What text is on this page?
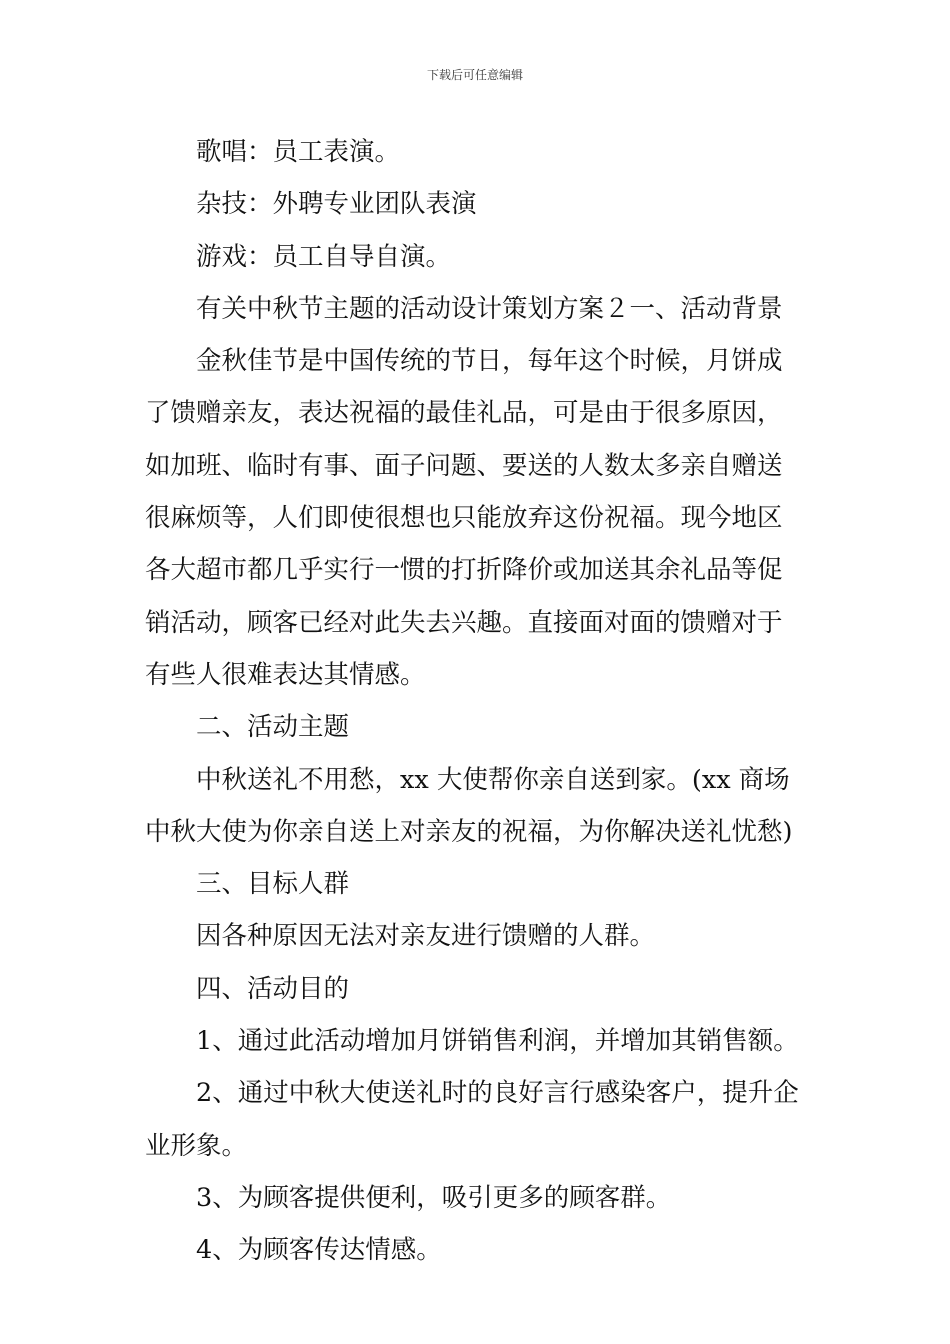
下载后可任意编辑

歌唱：员工表演。

杂技：外聘专业团队表演

游戏：员工自导自演。

有关中秋节主题的活动设计策划方案２一、活动背景

金秋佳节是中国传统的节日，每年这个时候，月饼成了馈赠亲友，表达祝福的最佳礼品，可是由于很多原因，如加班、临时有事、面子问题、要送的人数太多亲自赠送很麻烦等，人们即使很想也只能放弃这份祝福。现今地区各大超市都几乎实行一惯的打折降价或加送其余礼品等促销活动，顾客已经对此失去兴趣。直接面对面的馈赠对于有些人很难表达其情感。

二、活动主题

中秋送礼不用愁，xx 大使帮你亲自送到家。(xx 商场中秋大使为你亲自送上对亲友的祝福，为你解决送礼忧愁)

三、目标人群

因各种原因无法对亲友进行馈赠的人群。

四、活动目的

1、通过此活动增加月饼销售利润，并增加其销售额。

2、通过中秋大使送礼时的良好言行感染客户，提升企业形象。

3、为顾客提供便利，吸引更多的顾客群。

4、为顾客传达情感。
